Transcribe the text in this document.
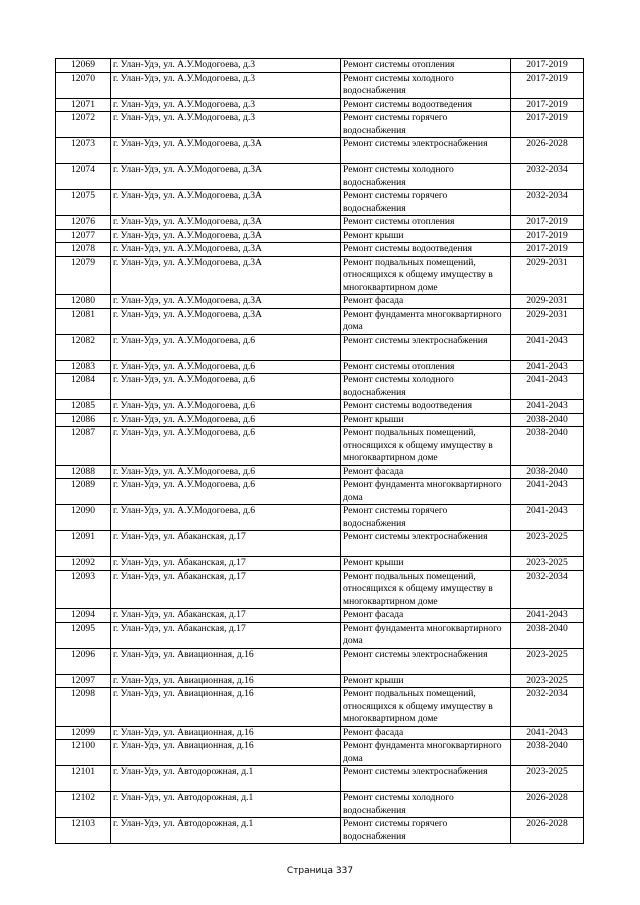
12069	г. Улан-Удэ, ул. А.У.Модогоева, д.3	Ремонт системы отопления	2017-2019
12070	г. Улан-Удэ, ул. А.У.Модогоева, д.3	Ремонт системы холодного водоснабжения	2017-2019
12071	г. Улан-Удэ, ул. А.У.Модогоева, д.3	Ремонт системы водоотведения	2017-2019
12072	г. Улан-Удэ, ул. А.У.Модогоева, д.3	Ремонт системы горячего водоснабжения	2017-2019
12073	г. Улан-Удэ, ул. А.У.Модогоева, д.3А	Ремонт системы электроснабжения	2026-2028
12074	г. Улан-Удэ, ул. А.У.Модогоева, д.3А	Ремонт системы холодного водоснабжения	2032-2034
12075	г. Улан-Удэ, ул. А.У.Модогоева, д.3А	Ремонт системы горячего водоснабжения	2032-2034
12076	г. Улан-Удэ, ул. А.У.Модогоева, д.3А	Ремонт системы отопления	2017-2019
12077	г. Улан-Удэ, ул. А.У.Модогоева, д.3А	Ремонт крыши	2017-2019
12078	г. Улан-Удэ, ул. А.У.Модогоева, д.3А	Ремонт системы водоотведения	2017-2019
12079	г. Улан-Удэ, ул. А.У.Модогоева, д.3А	Ремонт подвальных помещений, относящихся к общему имуществу в многоквартирном доме	2029-2031
12080	г. Улан-Удэ, ул. А.У.Модогоева, д.3А	Ремонт фасада	2029-2031
12081	г. Улан-Удэ, ул. А.У.Модогоева, д.3А	Ремонт фундамента многоквартирного дома	2029-2031
12082	г. Улан-Удэ, ул. А.У.Модогоева, д.6	Ремонт системы электроснабжения	2041-2043
12083	г. Улан-Удэ, ул. А.У.Модогоева, д.6	Ремонт системы отопления	2041-2043
12084	г. Улан-Удэ, ул. А.У.Модогоева, д.6	Ремонт системы холодного водоснабжения	2041-2043
12085	г. Улан-Удэ, ул. А.У.Модогоева, д.6	Ремонт системы водоотведения	2041-2043
12086	г. Улан-Удэ, ул. А.У.Модогоева, д.6	Ремонт крыши	2038-2040
12087	г. Улан-Удэ, ул. А.У.Модогоева, д.6	Ремонт подвальных помещений, относящихся к общему имуществу в многоквартирном доме	2038-2040
12088	г. Улан-Удэ, ул. А.У.Модогоева, д.6	Ремонт фасада	2038-2040
12089	г. Улан-Удэ, ул. А.У.Модогоева, д.6	Ремонт фундамента многоквартирного дома	2041-2043
12090	г. Улан-Удэ, ул. А.У.Модогоева, д.6	Ремонт системы горячего водоснабжения	2041-2043
12091	г. Улан-Удэ, ул. Абаканская, д.17	Ремонт системы электроснабжения	2023-2025
12092	г. Улан-Удэ, ул. Абаканская, д.17	Ремонт крыши	2023-2025
12093	г. Улан-Удэ, ул. Абаканская, д.17	Ремонт подвальных помещений, относящихся к общему имуществу в многоквартирном доме	2032-2034
12094	г. Улан-Удэ, ул. Абаканская, д.17	Ремонт фасада	2041-2043
12095	г. Улан-Удэ, ул. Абаканская, д.17	Ремонт фундамента многоквартирного дома	2038-2040
12096	г. Улан-Удэ, ул. Авиационная, д.16	Ремонт системы электроснабжения	2023-2025
12097	г. Улан-Удэ, ул. Авиационная, д.16	Ремонт крыши	2023-2025
12098	г. Улан-Удэ, ул. Авиационная, д.16	Ремонт подвальных помещений, относящихся к общему имуществу в многоквартирном доме	2032-2034
12099	г. Улан-Удэ, ул. Авиационная, д.16	Ремонт фасада	2041-2043
12100	г. Улан-Удэ, ул. Авиационная, д.16	Ремонт фундамента многоквартирного дома	2038-2040
12101	г. Улан-Удэ, ул. Автодорожная, д.1	Ремонт системы электроснабжения	2023-2025
12102	г. Улан-Удэ, ул. Автодорожная, д.1	Ремонт системы холодного водоснабжения	2026-2028
12103	г. Улан-Удэ, ул. Автодорожная, д.1	Ремонт системы горячего водоснабжения	2026-2028
Страница 337
